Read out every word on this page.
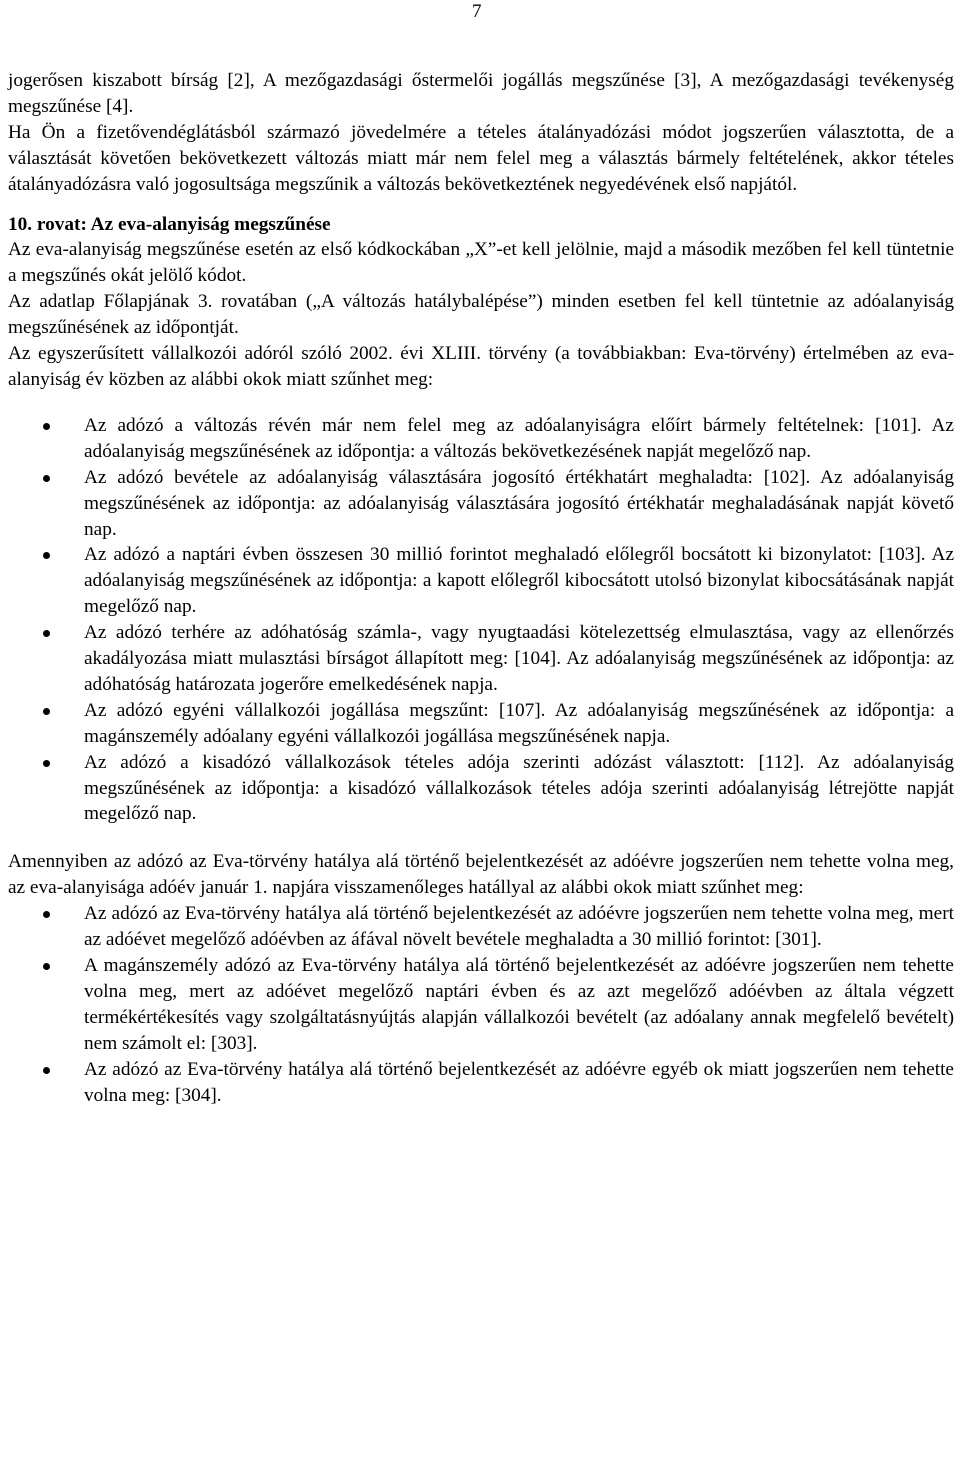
7

jogerősen kiszabott bírság [2], A mezőgazdasági őstermelői jogállás megszűnése [3], A mezőgazdasági tevékenység megszűnése [4].

Ha Ön a fizetővendéglátásból származó jövedelmére a tételes átalányadózási módot jogszerűen választotta, de a választását követően bekövetkezett változás miatt már nem felel meg a választás bármely feltételének, akkor tételes átalányadózásra való jogosultsága megszűnik a változás bekövetkeztének negyedévének első napjától.

10. rovat: Az eva-alanyiság megszűnése

Az eva-alanyiság megszűnése esetén az első kódkockában „X”-et kell jelölnie, majd a második mezőben fel kell tüntetnie a megszűnés okát jelölő kódot.

Az adatlap Főlapjának 3. rovatában („A változás hatálybalépése”) minden esetben fel kell tüntetnie az adóalanyiság megszűnésének az időpontját.

Az egyszerűsített vállalkozói adóról szóló 2002. évi XLIII. törvény (a továbbiakban: Eva-törvény) értelmében az eva-alanyiság év közben az alábbi okok miatt szűnhet meg:

Az adózó a változás révén már nem felel meg az adóalanyiságra előírt bármely feltételnek: [101]. Az adóalanyiság megszűnésének az időpontja: a változás bekövetkezésének napját megelőző nap.
Az adózó bevétele az adóalanyiság választására jogosító értékhatárt meghaladta: [102]. Az adóalanyiság megszűnésének az időpontja: az adóalanyiság választására jogosító értékhatár meghaladásának napját követő nap.
Az adózó a naptári évben összesen 30 millió forintot meghaladó előlegről bocsátott ki bizonylatot: [103]. Az adóalanyiság megszűnésének az időpontja: a kapott előlegről kibocsátott utolsó bizonylat kibocsátásának napját megelőző nap.
Az adózó terhére az adóhatóság számla-, vagy nyugtaadási kötelezettség elmulasztása, vagy az ellenőrzés akadályozása miatt mulasztási bírságot állapított meg: [104]. Az adóalanyiság megszűnésének az időpontja: az adóhatóság határozata jogerőre emelkedésének napja.
Az adózó egyéni vállalkozói jogállása megszűnt: [107]. Az adóalanyiság megszűnésének az időpontja: a magánszemély adóalany egyéni vállalkozói jogállása megszűnésének napja.
Az adózó a kisadózó vállalkozások tételes adója szerinti adózást választott: [112]. Az adóalanyiság megszűnésének az időpontja: a kisadózó vállalkozások tételes adója szerinti adóalanyiság létrejötte napját megelőző nap.

Amennyiben az adózó az Eva-törvény hatálya alá történő bejelentkezését az adóévre jogszerűen nem tehette volna meg, az eva-alanyisága adóév január 1. napjára visszamenőleges hatállyal az alábbi okok miatt szűnhet meg:

Az adózó az Eva-törvény hatálya alá történő bejelentkezését az adóévre jogszerűen nem tehette volna meg, mert az adóévet megelőző adóévben az áfával növelt bevétele meghaladta a 30 millió forintot: [301].
A magánszemély adózó az Eva-törvény hatálya alá történő bejelentkezését az adóévre jogszerűen nem tehette volna meg, mert az adóévet megelőző naptári évben és az azt megelőző adóévben az általa végzett termékértékesítés vagy szolgáltatásnyújtás alapján vállalkozói bevételt (az adóalany annak megfelelő bevételt) nem számolt el: [303].
Az adózó az Eva-törvény hatálya alá történő bejelentkezését az adóévre egyéb ok miatt jogszerűen nem tehette volna meg: [304].
